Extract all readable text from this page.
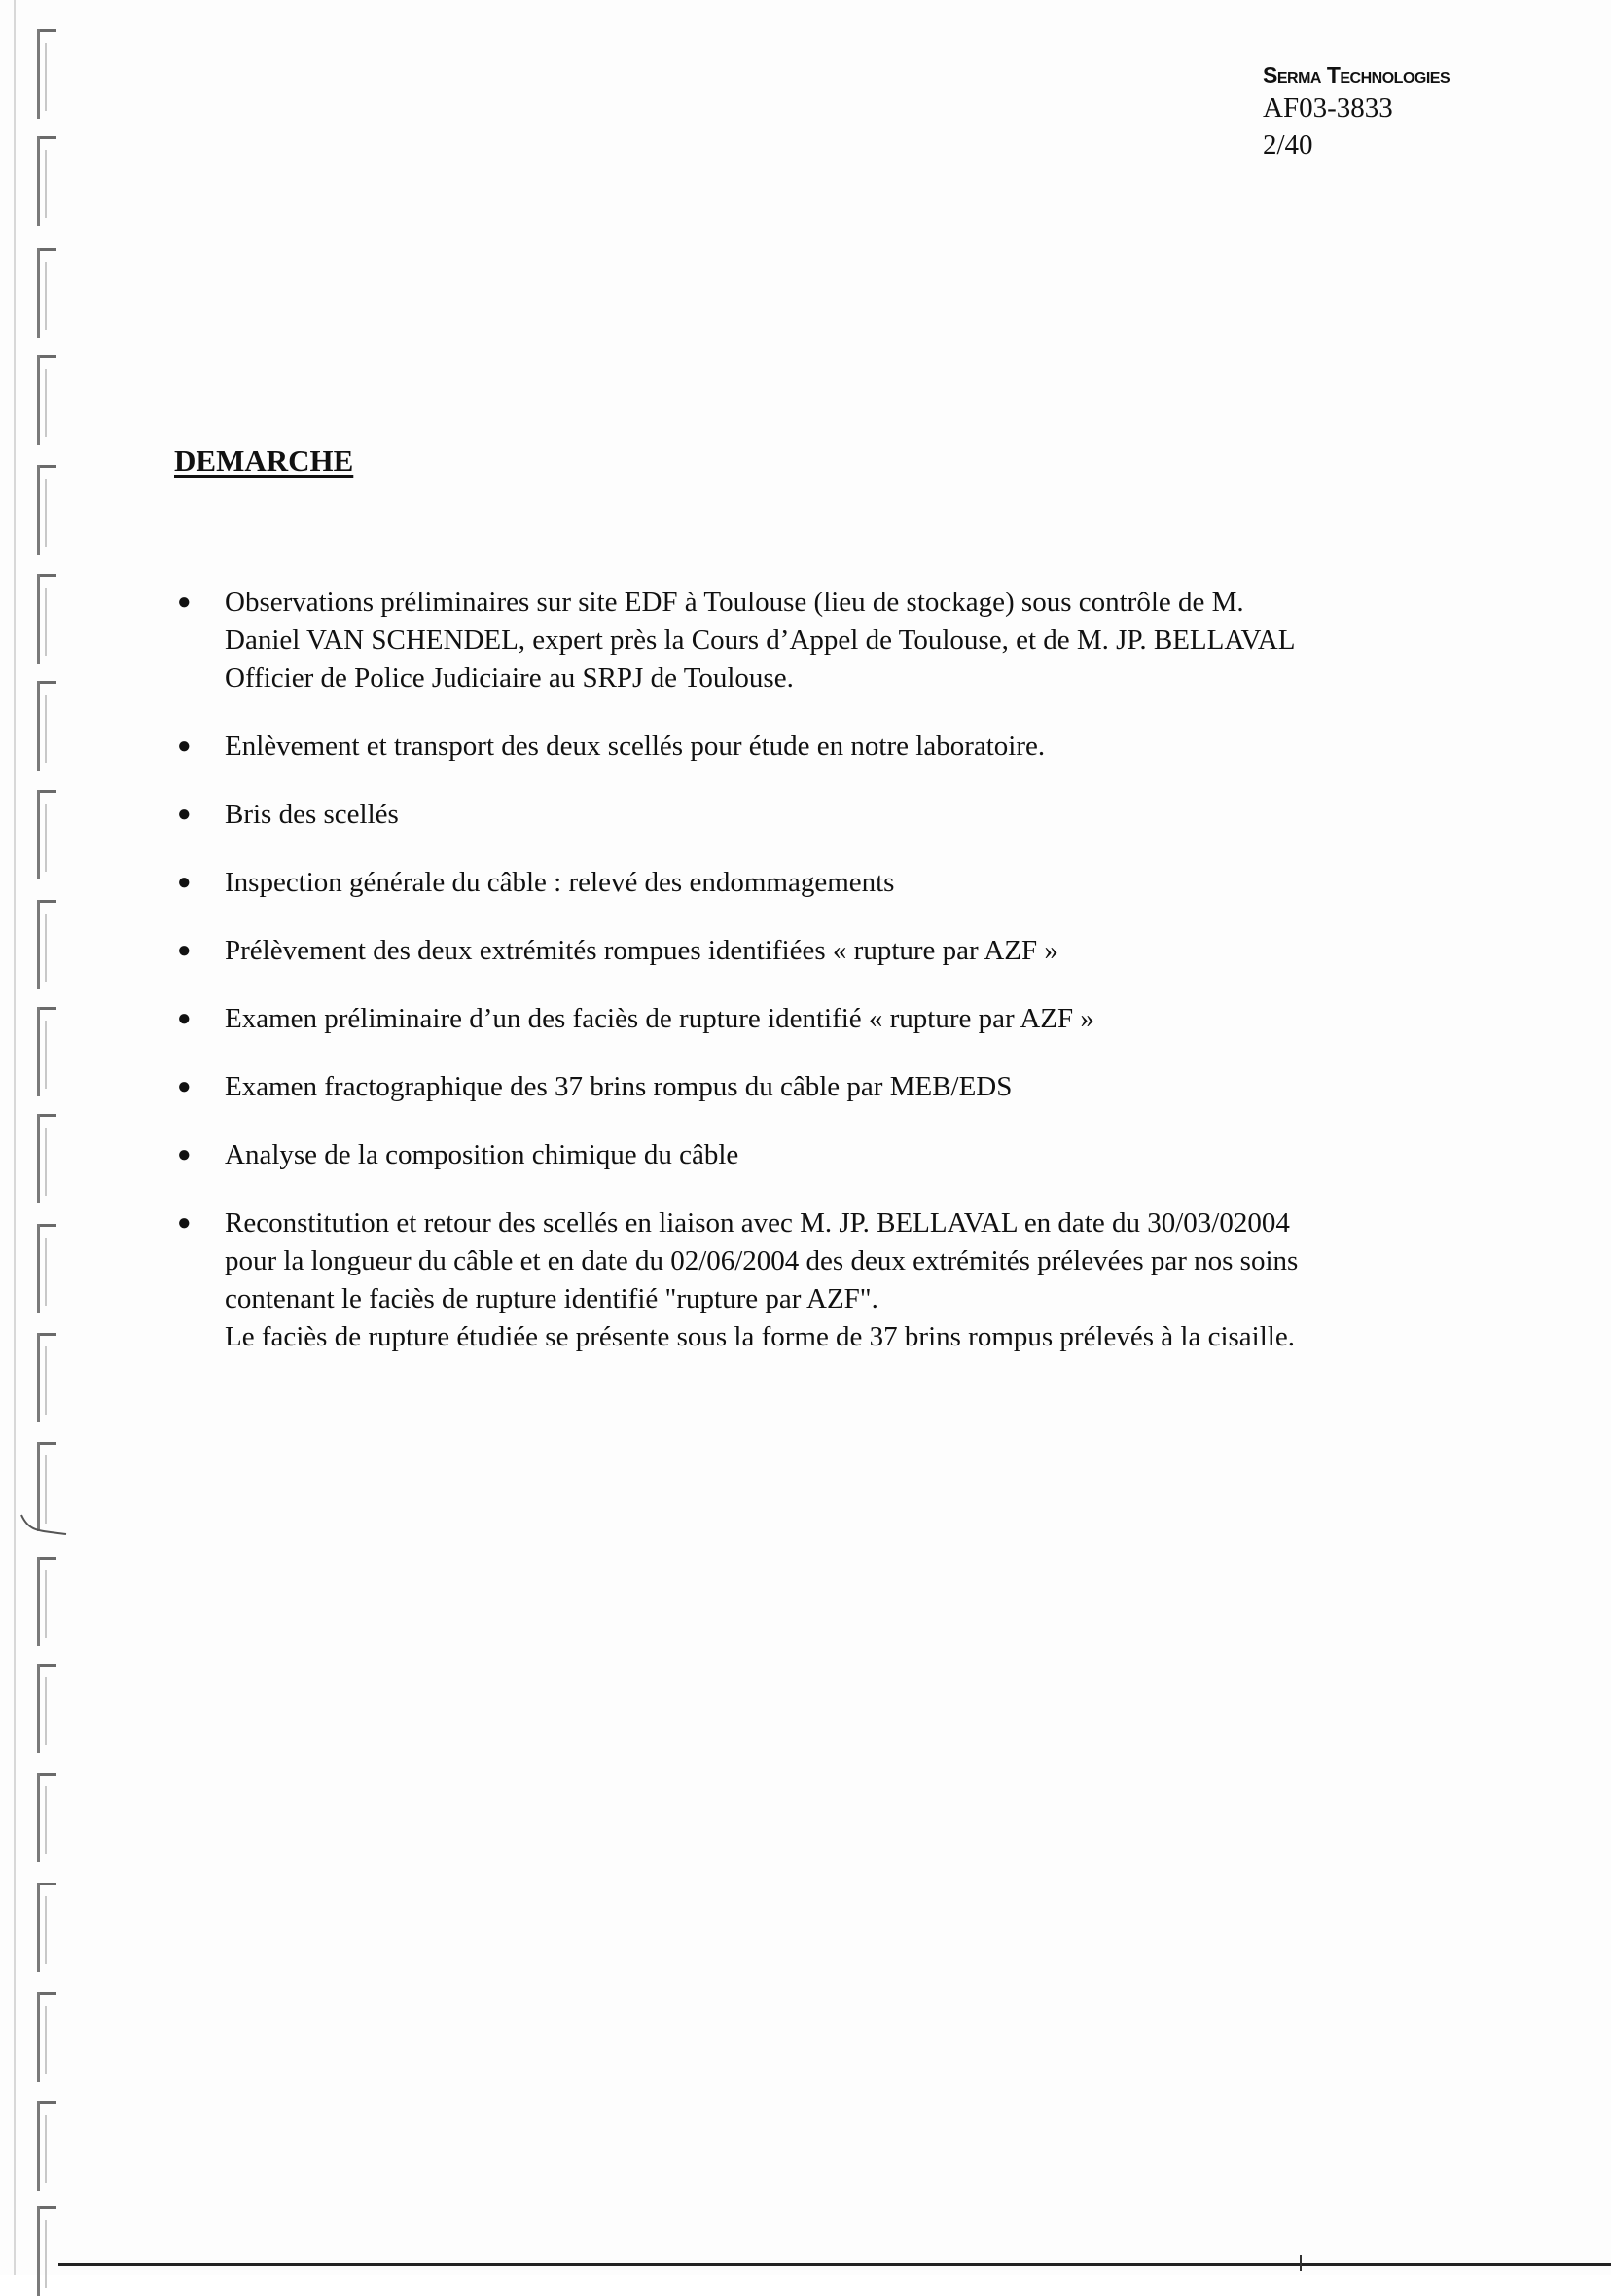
Serma Technologies
AF03-3833
2/40
DEMARCHE
● Observations préliminaires sur site EDF à Toulouse (lieu de stockage) sous contrôle de M.
Daniel VAN SCHENDEL, expert près la Cours d’Appel de Toulouse, et de M. JP. BELLAVAL
Officier de Police Judiciaire au SRPJ de Toulouse.
● Enlèvement et transport des deux scellés pour étude en notre laboratoire.
● Bris des scellés
● Inspection générale du câble : relevé des endommagements
● Prélèvement des deux extrémités rompues identifiées « rupture par AZF »
● Examen préliminaire d’un des faciès de rupture identifié « rupture par AZF »
● Examen fractographique des 37 brins rompus du câble par MEB/EDS
● Analyse de la composition chimique du câble
● Reconstitution et retour des scellés en liaison avec M. JP. BELLAVAL en date du 30/03/02004
pour la longueur du câble et en date du 02/06/2004 des deux extrémités prélevées par nos soins
contenant le faciès de rupture identifié "rupture par AZF".
Le faciès de rupture étudiée se présente sous la forme de 37 brins rompus prélevés à la cisaille.
